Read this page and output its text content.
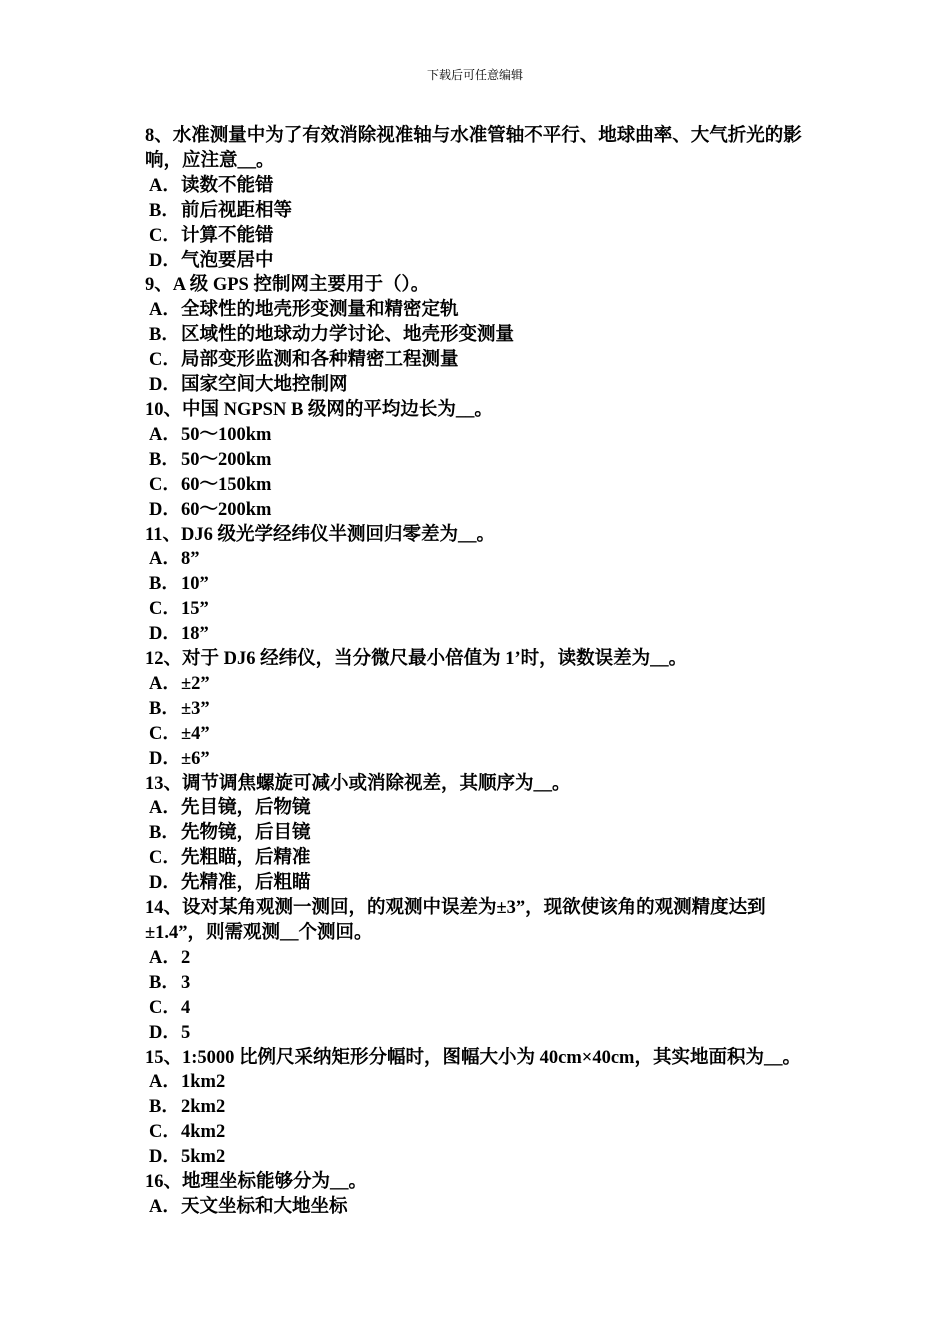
下载后可任意编辑

8、水准测量中为了有效消除视准轴与水准管轴不平行、地球曲率、大气折光的影响，应注意__。

A．读数不能错
B．前后视距相等
C．计算不能错
D．气泡要居中

9、A 级 GPS 控制网主要用于（）。

A．全球性的地壳形变测量和精密定轨
B．区域性的地球动力学讨论、地壳形变测量
C．局部变形监测和各种精密工程测量
D．国家空间大地控制网

10、中国 NGPSN B 级网的平均边长为__。

A．50～100km
B．50～200km
C．60～150km
D．60～200km

11、DJ6 级光学经纬仪半测回归零差为__。

A．8”
B．10”
C．15”
D．18”

12、对于 DJ6 经纬仪，当分微尺最小倍值为 1’时，读数误差为__。

A．±2”
B．±3”
C．±4”
D．±6”

13、调节调焦螺旋可减小或消除视差，其顺序为__。

A．先目镜，后物镜
B．先物镜，后目镜
C．先粗瞄，后精准
D．先精准，后粗瞄

14、设对某角观测一测回，的观测中误差为±3”，现欲使该角的观测精度达到±1.4”，则需观测__个测回。

A．2
B．3
C．4
D．5

15、1:5000 比例尺采纳矩形分幅时，图幅大小为 40cm×40cm，其实地面积为__。

A．1km2
B．2km2
C．4km2
D．5km2

16、地理坐标能够分为__。

A．天文坐标和大地坐标
